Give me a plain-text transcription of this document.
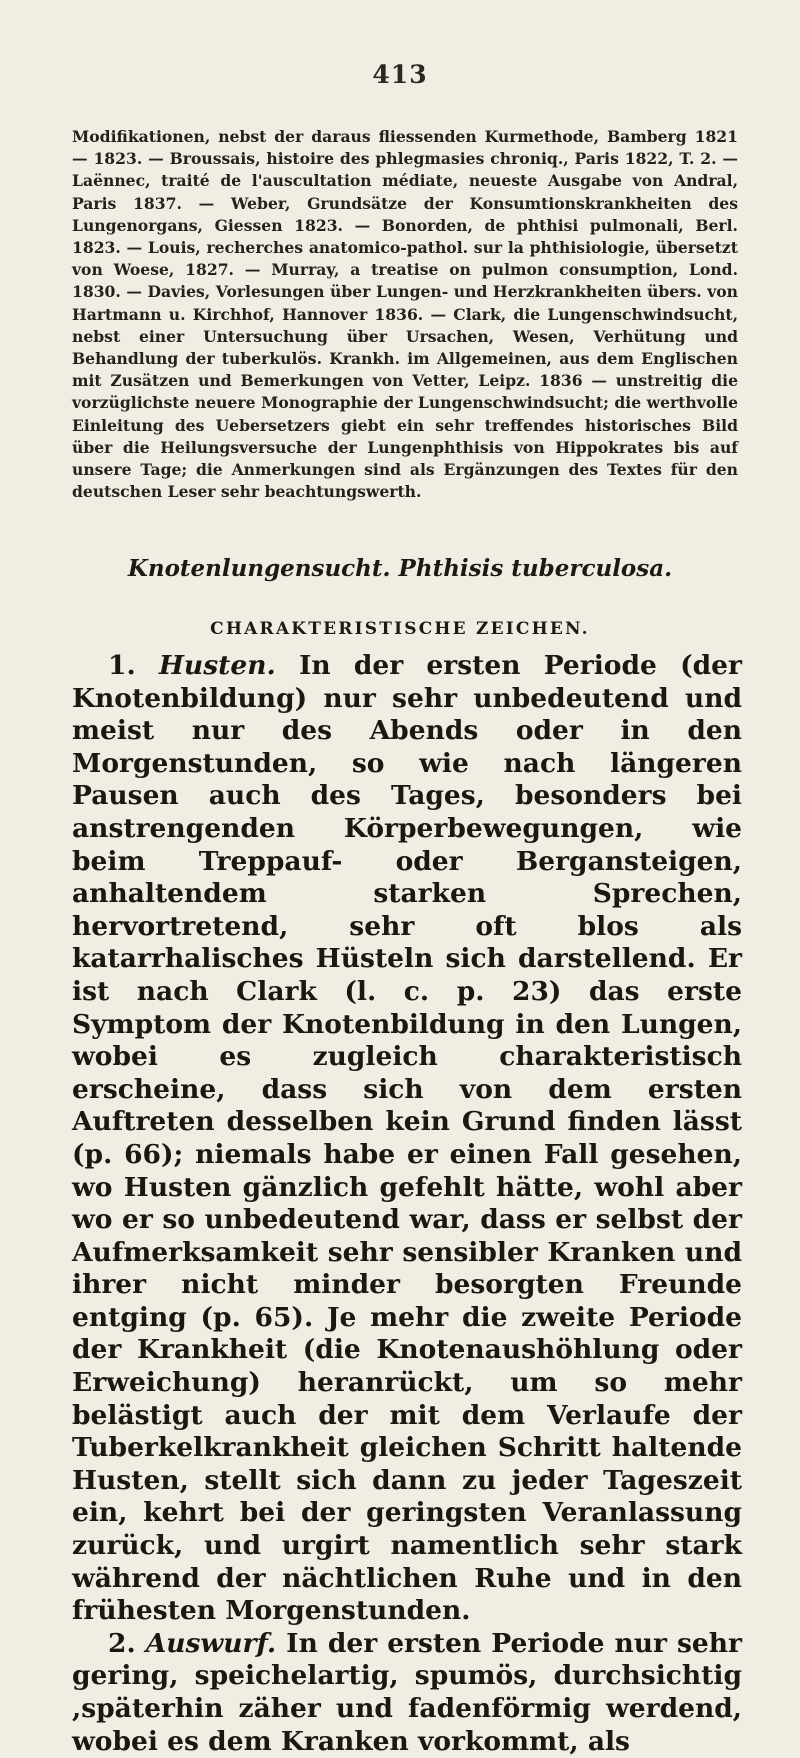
413
Modifikationen, nebst der daraus fliessenden Kurmethode, Bamberg 1821 — 1823. — Broussais, histoire des phlegmasies chroniq., Paris 1822, T. 2. — Laënnec, traité de l'auscultation médiate, neueste Ausgabe von Andral, Paris 1837. — Weber, Grundsätze der Konsumtionskrankheiten des Lungenorgans, Giessen 1823. — Bonorden, de phthisi pulmonali, Berl. 1823. — Louis, recherches anatomico-pathol. sur la phthisiologie, übersetzt von Woese, 1827. — Murray, a treatise on pulmon consumption, Lond. 1830. — Davies, Vorlesungen über Lungen- und Herzkrankheiten übers. von Hartmann u. Kirchhof, Hannover 1836. — Clark, die Lungenschwindsucht, nebst einer Untersuchung über Ursachen, Wesen, Verhütung und Behandlung der tuberkulös. Krankh. im Allgemeinen, aus dem Englischen mit Zusätzen und Bemerkungen von Vetter, Leipz. 1836 — unstreitig die vorzüglichste neuere Monographie der Lungenschwindsucht; die werthvolle Einleitung des Uebersetzers giebt ein sehr treffendes historisches Bild über die Heilungsversuche der Lungenphthisis von Hippokrates bis auf unsere Tage; die Anmerkungen sind als Ergänzungen des Textes für den deutschen Leser sehr beachtungswerth.
Knotenlungensucht. Phthisis tuberculosa.
CHARAKTERISTISCHE ZEICHEN.

1. Husten. In der ersten Periode (der Knotenbildung) nur sehr unbedeutend und meist nur des Abends oder in den Morgenstunden, so wie nach längeren Pausen auch des Tages, besonders bei anstrengenden Körperbewegungen, wie beim Treppauf- oder Bergansteigen, anhaltendem starken Sprechen, hervortretend, sehr oft blos als katarrhalisches Hüsteln sich darstellend. Er ist nach Clark (l. c. p. 23) das erste Symptom der Knotenbildung in den Lungen, wobei es zugleich charakteristisch erscheine, dass sich von dem ersten Auftreten desselben kein Grund finden lässt (p. 66); niemals habe er einen Fall gesehen, wo Husten gänzlich gefehlt hätte, wohl aber wo er so unbedeutend war, dass er selbst der Aufmerksamkeit sehr sensibler Kranken und ihrer nicht minder besorgten Freunde entging (p. 65). Je mehr die zweite Periode der Krankheit (die Knotenaushöhlung oder Erweichung) heranrückt, um so mehr belästigt auch der mit dem Verlaufe der Tuberkelkrankheit gleichen Schritt haltende Husten, stellt sich dann zu jeder Tageszeit ein, kehrt bei der geringsten Veranlassung zurück, und urgirt namentlich sehr stark während der nächtlichen Ruhe und in den frühesten Morgenstunden.

2. Auswurf. In der ersten Periode nur sehr gering, speichelartig, spumös, durchsichtig ,späterhin zäher und fadenförmig werdend, wobei es dem Kranken vorkommt, als
